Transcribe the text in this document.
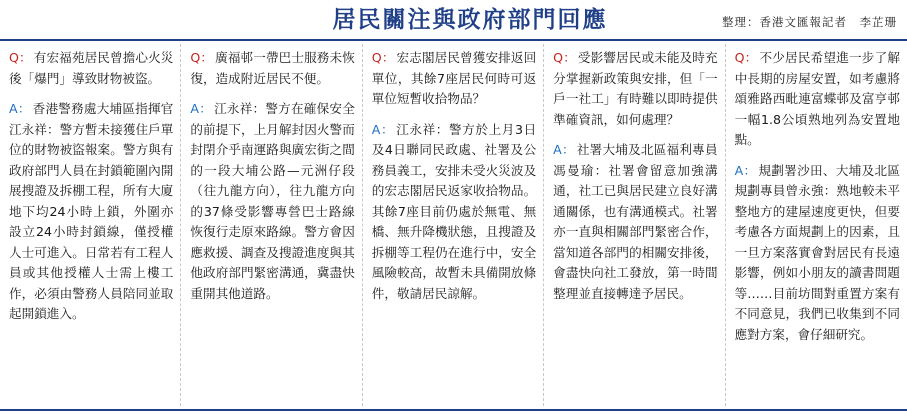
居民關注與政府部門回應	整理：香港文匯報記者　李芷珊

Q： 有宏福苑居民曾擔心火災後「爆門」導致財物被盜。

A： 香港警務處大埔區指揮官江永祥：警方暫未接獲住戶單位的財物被盜報案。警方與有政府部門人員在封鎖範圍內開展搜證及拆棚工程，所有大廈地下均24小時上鎖，外圍亦設立24小時封鎖線，僅授權人士可進入。日常若有工程人員或其他授權人士需上樓工作，必須由警務人員陪同並取起開鎖進入。

Q： 廣福邨一帶巴士服務未恢復，造成附近居民不便。

A： 江永祥：警方在確保安全的前提下，上月解封因火警而封閉介乎南運路與廣宏街之間的一段大埔公路—元洲仔段（往九龍方向），往九龍方向的37條受影響專營巴士路線恢復行走原來路線。警方會因應救援、調查及搜證進度與其他政府部門緊密溝通，冀盡快重開其他道路。

Q： 宏志閣居民曾獲安排返回單位，其餘7座居民何時可返單位短暫收拾物品？

A： 江永祥：警方於上月3日及4日聯同民政處、社署及公務員義工，安排未受火災波及的宏志閣居民返家收拾物品。其餘7座目前仍處於無電、無橋、無升降機狀態，且搜證及拆棚等工程仍在進行中，安全風險較高，故暫未具備開放條件，敬請居民諒解。

Q： 受影響居民或未能及時充分掌握新政策與安排，但「一戶一社工」有時難以即時提供準確資訊，如何處理？

A： 社署大埔及北區福利專員馮曼瑜：社署會留意加強溝通，社工已與居民建立良好溝通關係，也有溝通模式。社署亦一直與相關部門緊密合作，當知道各部門的相關安排後，會盡快向社工發放，第一時間整理並直接轉達予居民。

Q： 不少居民希望進一步了解中長期的房屋安置，如考慮將頌雅路西毗連富蝶邨及富亨邨一幅1.8公頃熟地列為安置地點。

A： 規劃署沙田、大埔及北區規劃專員曾永強：熟地較未平整地方的建屋速度更快，但要考慮各方面規劃上的因素，且一旦方案落實會對居民有長遠影響，例如小朋友的讀書問題等……目前坊間對重置方案有不同意見，我們已收集到不同應對方案，會仔細研究。
